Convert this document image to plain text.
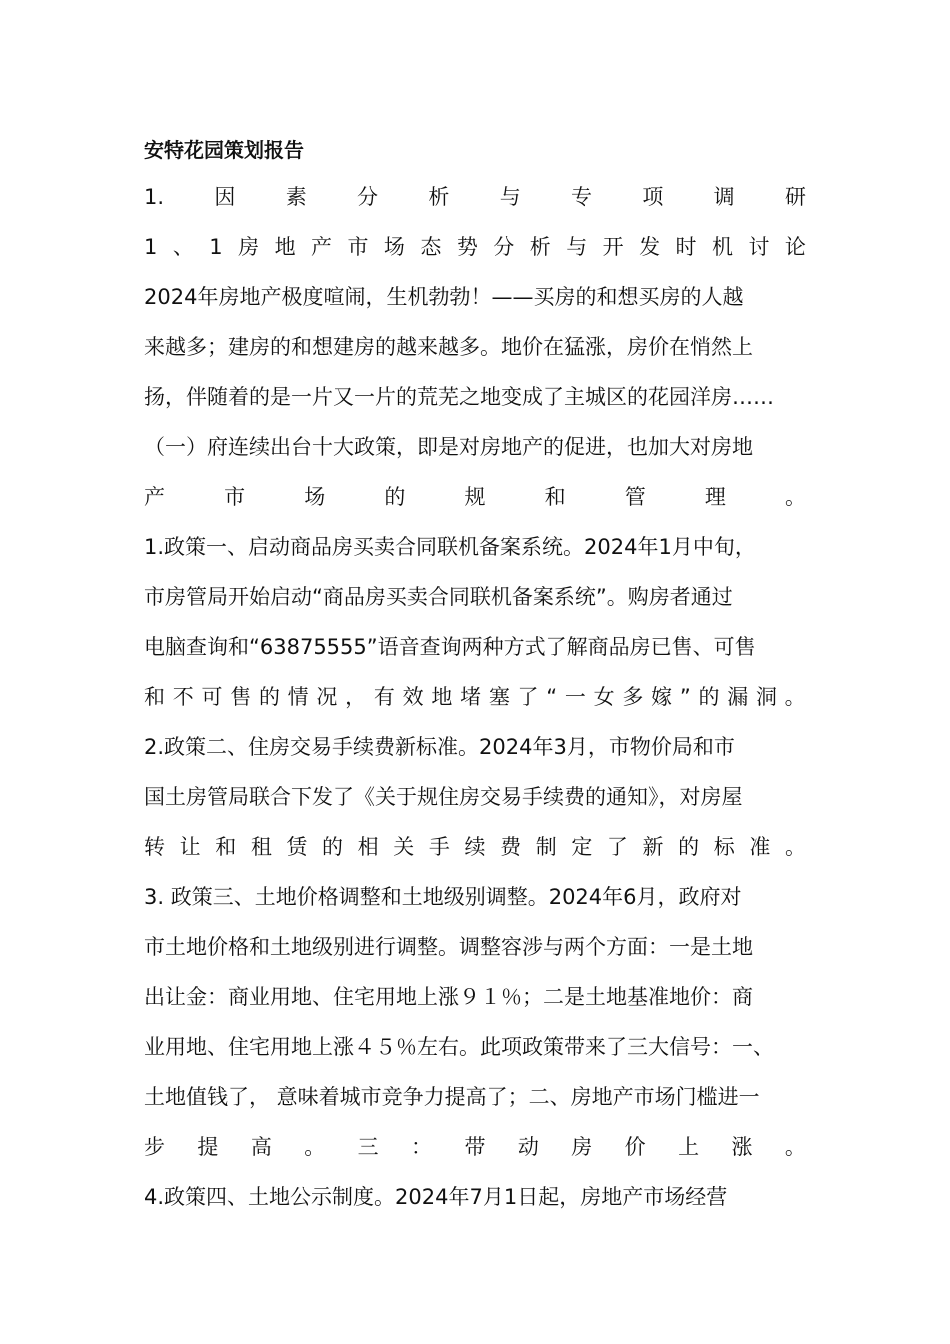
安特花园策划报告
1. 因 素 分 析 与 专 项 调 研
1 、 1 房 地 产 市 场 态 势 分 析 与 开 发 时 机 讨 论
2024年房地产极度喧闹，生机勃勃！——买房的和想买房的人越
来越多；建房的和想建房的越来越多。地价在猛涨，房价在悄然上
扬，伴随着的是一片又一片的荒芜之地变成了主城区的花园洋房……
（一）府连续出台十大政策，即是对房地产的促进，也加大对房地
产	市	场	的	规	和	管	理	。
1.政策一、启动商品房买卖合同联机备案系统。2024年1月中旬，
市房管局开始启动“商品房买卖合同联机备案系统”。购房者通过
电脑查询和“63875555”语音查询两种方式了解商品房已售、可售
和 不 可 售 的 情 况 ， 有 效 地 堵 塞 了 “ 一 女 多 嫁 ” 的 漏 洞 。
2.政策二、住房交易手续费新标准。2024年3月，市物价局和市
国土房管局联合下发了《关于规住房交易手续费的通知》，对房屋
转 让 和 租 赁 的 相 关 手 续 费 制 定 了 新 的 标 准 。
3. 政策三、土地价格调整和土地级别调整。2024年6月，政府对
市土地价格和土地级别进行调整。调整容涉与两个方面：一是土地
出让金：商业用地、住宅用地上涨９１％；二是土地基准地价：商
业用地、住宅用地上涨４５％左右。此项政策带来了三大信号：一、
土地值钱了， 意味着城市竞争力提高了；二、房地产市场门槛进一
步 提 高 。 三 ： 带 动 房 价 上 涨 。
4.政策四、土地公示制度。2024年7月1日起，房地产市场经营
